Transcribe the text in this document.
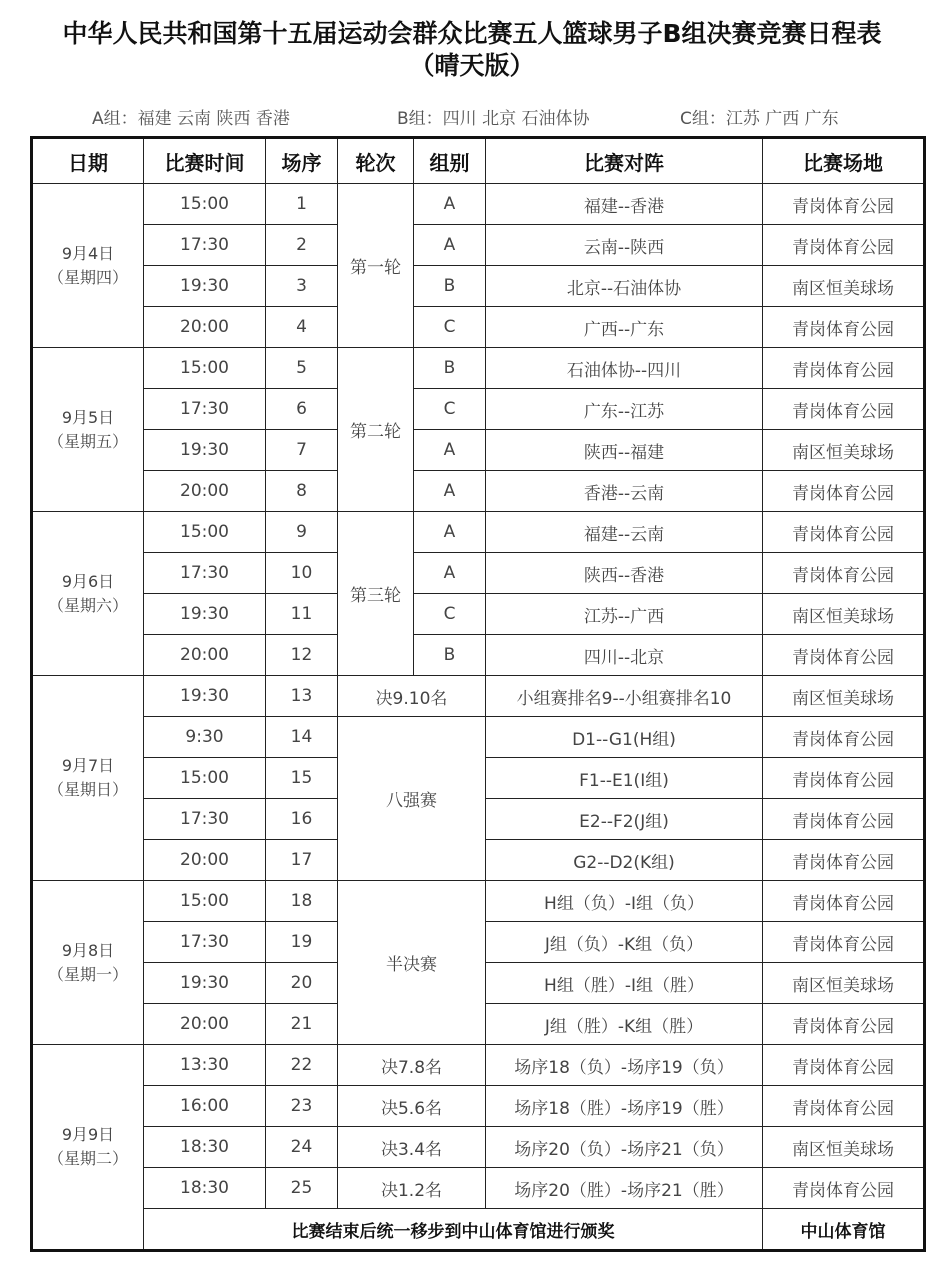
中华人民共和国第十五届运动会群众比赛五人篮球男子B组决赛竞赛日程表
（晴天版）
A组：福建 云南 陕西 香港	B组：四川 北京 石油体协	C组：江苏 广西 广东
日期	比赛时间	场序	轮次	组别	比赛对阵	比赛场地

9月4日
（星期四）	15:00	1	第一轮	A	福建--香港	青岗体育公园
	17:30	2		A	云南--陕西	青岗体育公园
	19:30	3		B	北京--石油体协	南区恒美球场
	20:00	4		C	广西--广东	青岗体育公园

9月5日
（星期五）	15:00	5	第二轮	B	石油体协--四川	青岗体育公园
	17:30	6		C	广东--江苏	青岗体育公园
	19:30	7		A	陕西--福建	南区恒美球场
	20:00	8		A	香港--云南	青岗体育公园

9月6日
（星期六）	15:00	9	第三轮	A	福建--云南	青岗体育公园
	17:30	10		A	陕西--香港	青岗体育公园
	19:30	11		C	江苏--广西	南区恒美球场
	20:00	12		B	四川--北京	青岗体育公园

9月7日
（星期日）	19:30	13	决9.10名		小组赛排名9--小组赛排名10	南区恒美球场
	9:30	14	八强赛		D1--G1(H组)	青岗体育公园
	15:00	15			F1--E1(I组)	青岗体育公园
	17:30	16			E2--F2(J组)	青岗体育公园
	20:00	17			G2--D2(K组)	青岗体育公园

9月8日
（星期一）	15:00	18	半决赛		H组（负）-I组（负）	青岗体育公园
	17:30	19			J组（负）-K组（负）	青岗体育公园
	19:30	20			H组（胜）-I组（胜）	南区恒美球场
	20:00	21			J组（胜）-K组（胜）	青岗体育公园

9月9日
（星期二）	13:30	22	决7.8名		场序18（负）-场序19（负）	青岗体育公园
	16:00	23	决5.6名		场序18（胜）-场序19（胜）	青岗体育公园
	18:30	24	决3.4名		场序20（负）-场序21（负）	南区恒美球场
	18:30	25	决1.2名		场序20（胜）-场序21（胜）	青岗体育公园
	比赛结束后统一移步到中山体育馆进行颁奖					中山体育馆
